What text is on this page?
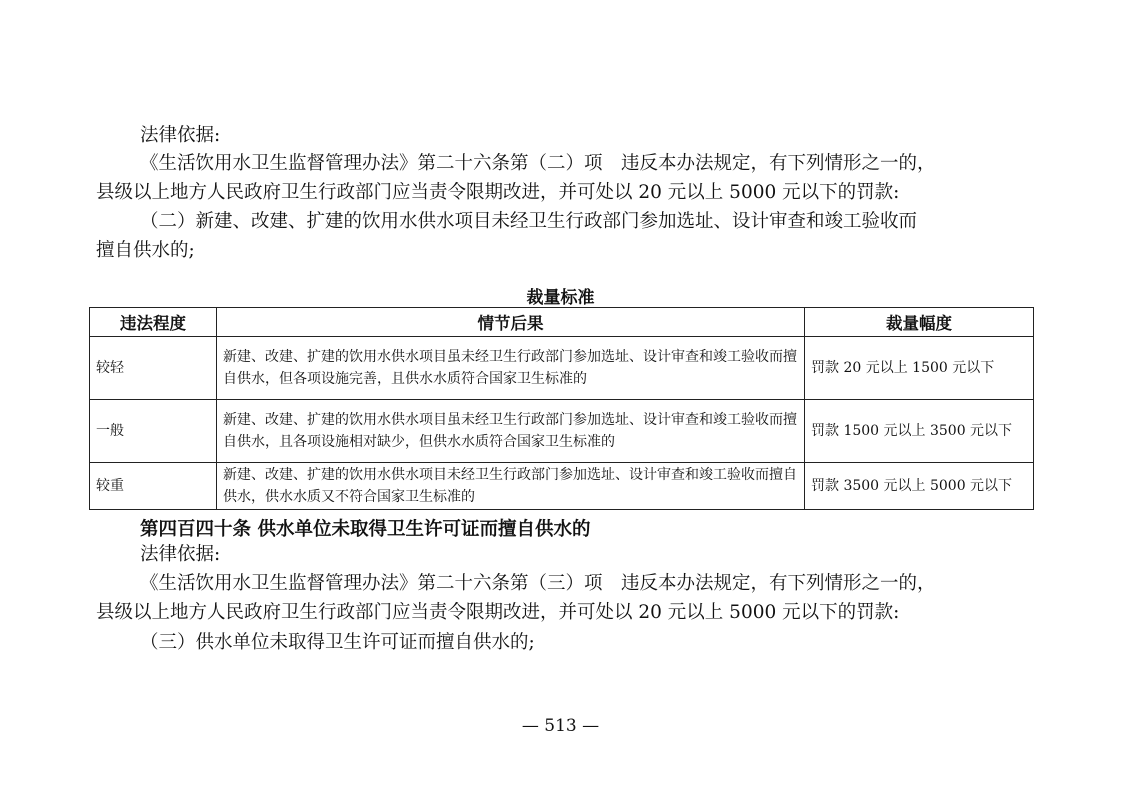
法律依据:
《生活饮用水卫生监督管理办法》第二十六条第（二）项　违反本办法规定，有下列情形之一的，
县级以上地方人民政府卫生行政部门应当责令限期改进，并可处以 20 元以上 5000 元以下的罚款:
（二）新建、改建、扩建的饮用水供水项目未经卫生行政部门参加选址、设计审查和竣工验收而
擅自供水的;
裁量标准
违法程度	情节后果	裁量幅度
较轻	新建、改建、扩建的饮用水供水项目虽未经卫生行政部门参加选址、设计审查和竣工验收而擅自供水，但各项设施完善，且供水水质符合国家卫生标准的	罚款 20 元以上 1500 元以下
一般	新建、改建、扩建的饮用水供水项目虽未经卫生行政部门参加选址、设计审查和竣工验收而擅自供水，且各项设施相对缺少，但供水水质符合国家卫生标准的	罚款 1500 元以上 3500 元以下
较重	新建、改建、扩建的饮用水供水项目未经卫生行政部门参加选址、设计审查和竣工验收而擅自供水，供水水质又不符合国家卫生标准的	罚款 3500 元以上 5000 元以下
第四百四十条 供水单位未取得卫生许可证而擅自供水的
法律依据:
《生活饮用水卫生监督管理办法》第二十六条第（三）项　违反本办法规定，有下列情形之一的，
县级以上地方人民政府卫生行政部门应当责令限期改进，并可处以 20 元以上 5000 元以下的罚款:
（三）供水单位未取得卫生许可证而擅自供水的;
— 513 —
